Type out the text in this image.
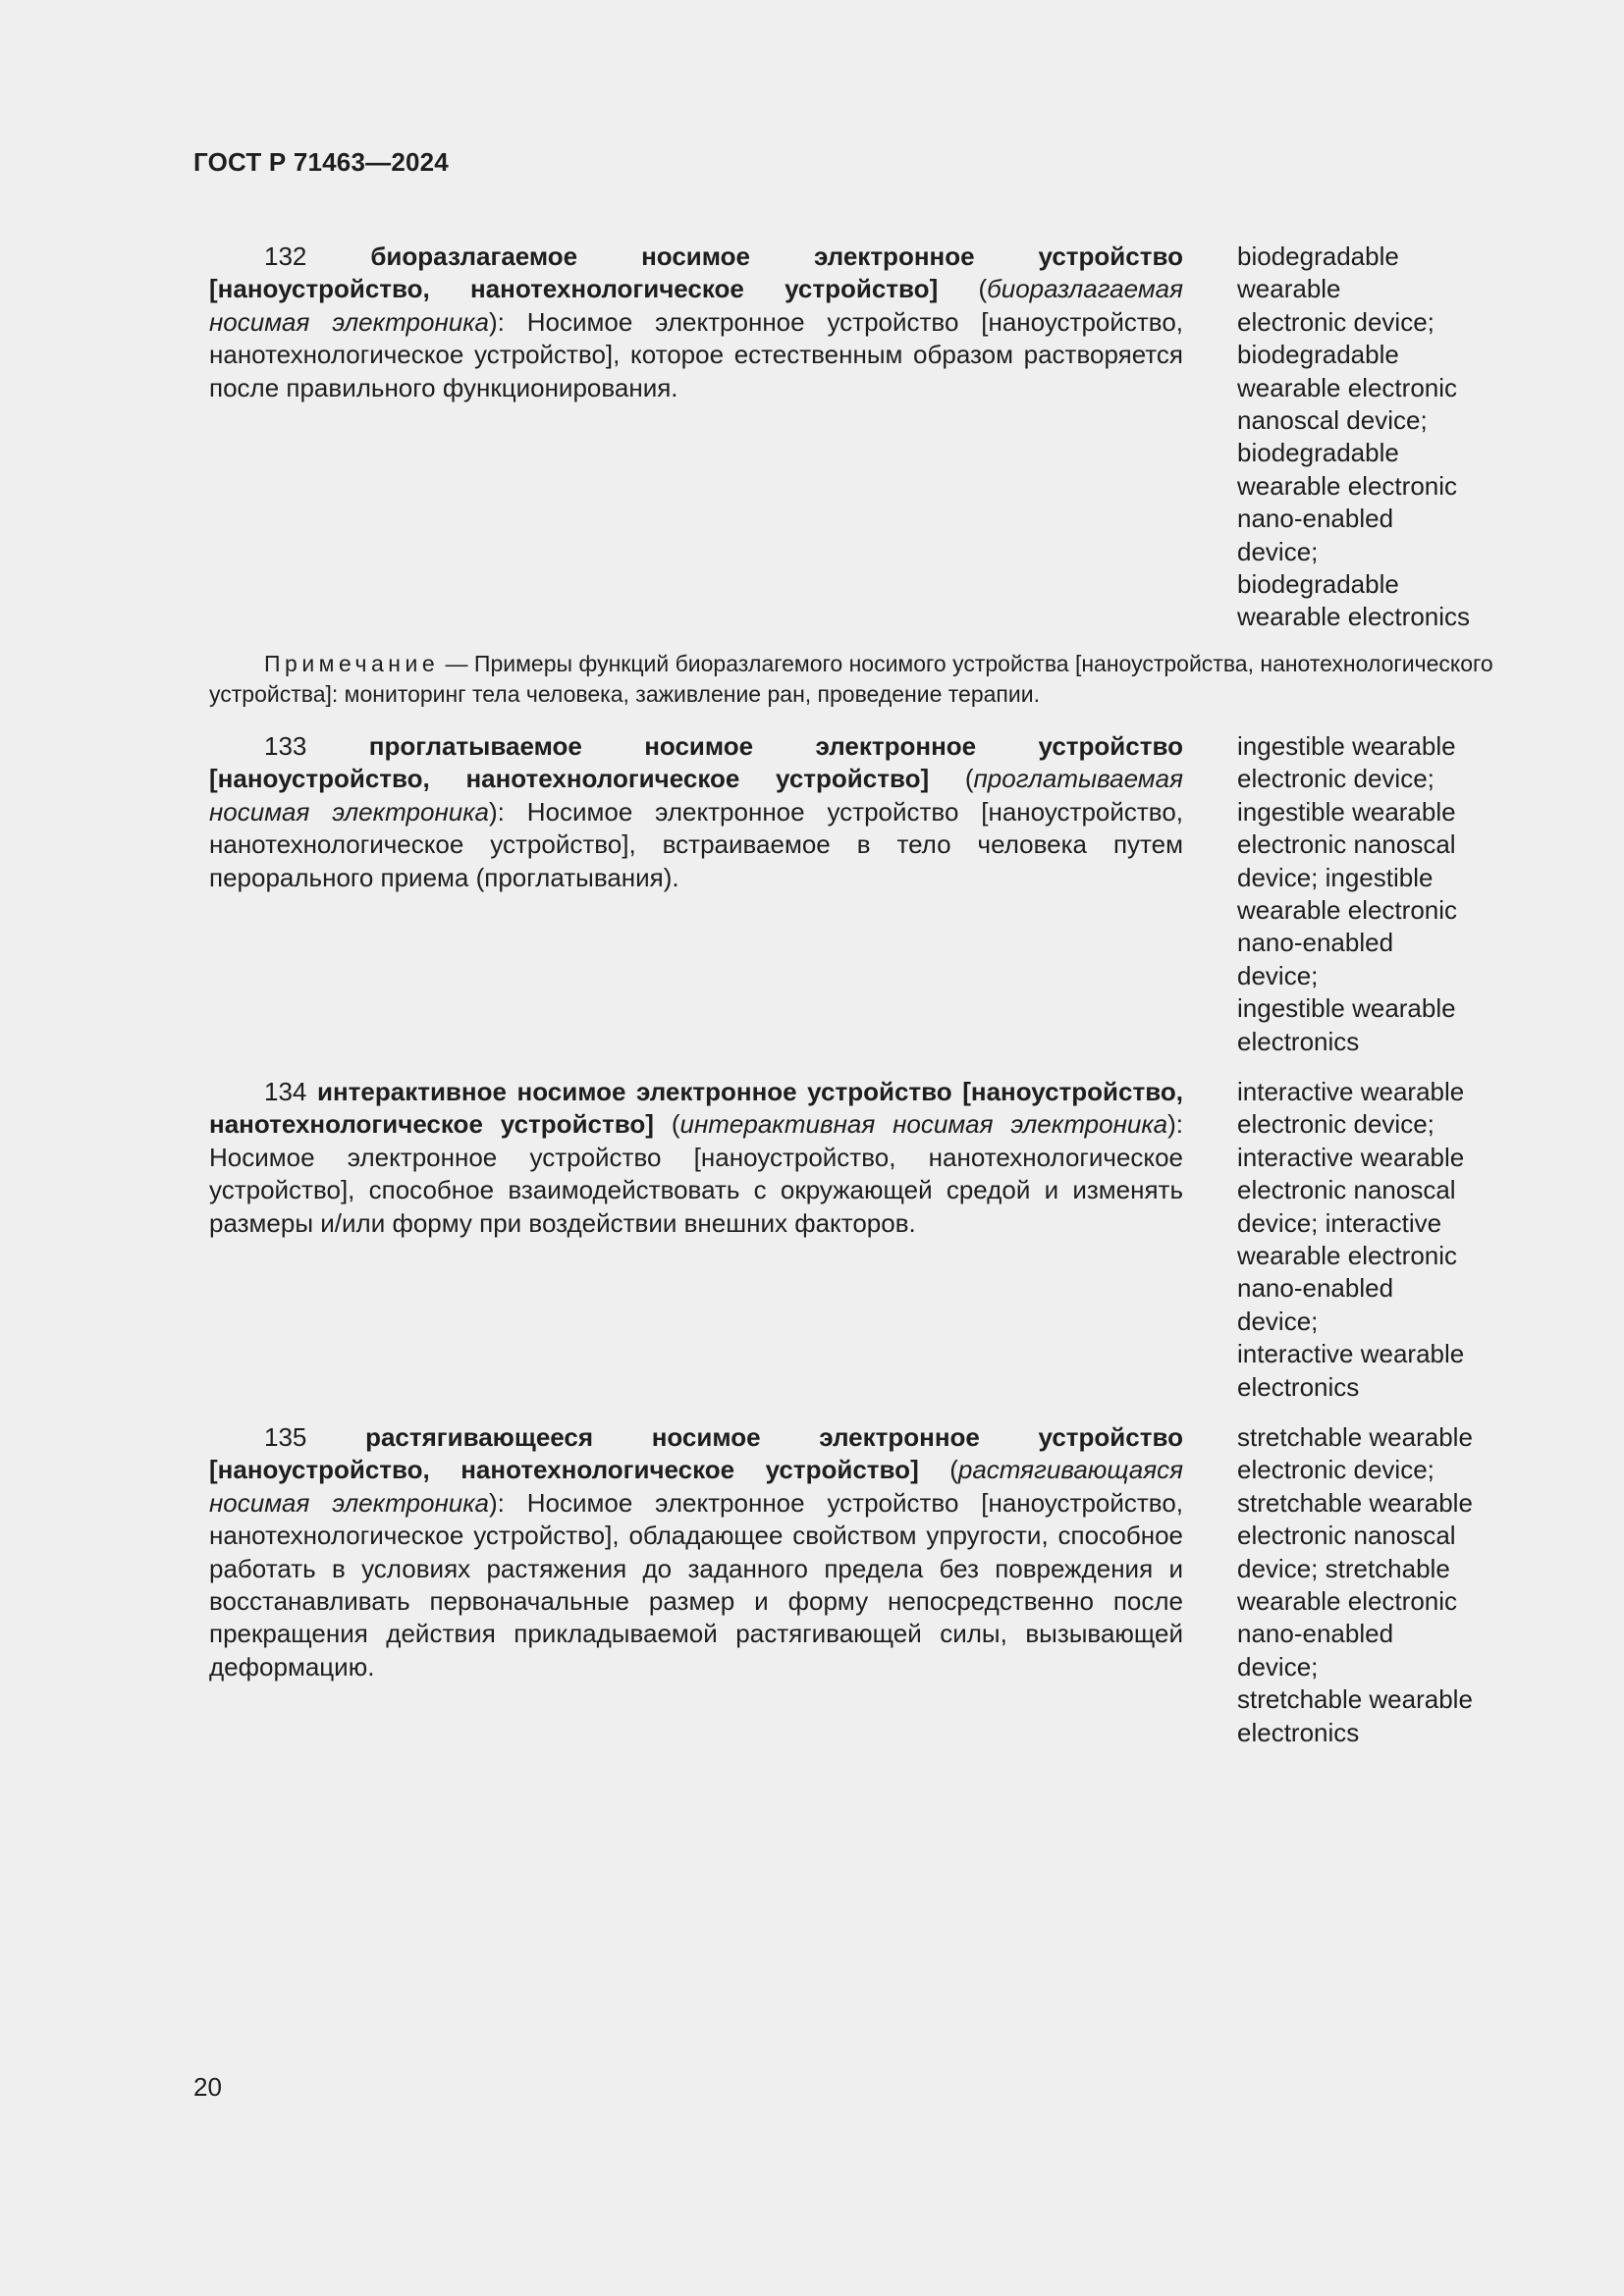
ГОСТ Р 71463—2024
132 биоразлагаемое носимое электронное устройство [наноустройство, нанотехнологическое устройство] (биоразлагаемая носимая электроника): Носимое электронное устройство [наноустройство, нанотехнологическое устройство], которое естественным образом растворяется после правильного функционирования.
biodegradable
wearable
electronic device;
biodegradable
wearable electronic
nanoscal device;
biodegradable
wearable electronic
nano-enabled
device;
biodegradable
wearable electronics
Примечание — Примеры функций биоразлагемого носимого устройства [наноустройства, нанотехнологического устройства]: мониторинг тела человека, заживление ран, проведение терапии.
133 проглатываемое носимое электронное устройство [наноустройство, нанотехнологическое устройство] (проглатываемая носимая электроника): Носимое электронное устройство [наноустройство, нанотехнологическое устройство], встраиваемое в тело человека путем перорального приема (проглатывания).
ingestible wearable
electronic device;
ingestible wearable
electronic nanoscal
device; ingestible
wearable electronic
nano-enabled
device;
ingestible wearable
electronics
134 интерактивное носимое электронное устройство [наноустройство, нанотехнологическое устройство] (интерактивная носимая электроника): Носимое электронное устройство [наноустройство, нанотехнологическое устройство], способное взаимодействовать с окружающей средой и изменять размеры и/или форму при воздействии внешних факторов.
interactive wearable
electronic device;
interactive wearable
electronic nanoscal
device; interactive
wearable electronic
nano-enabled
device;
interactive wearable
electronics
135 растягивающееся носимое электронное устройство [наноустройство, нанотехнологическое устройство] (растягивающаяся носимая электроника): Носимое электронное устройство [наноустройство, нанотехнологическое устройство], обладающее свойством упругости, способное работать в условиях растяжения до заданного предела без повреждения и восстанавливать первоначальные размер и форму непосредственно после прекращения действия прикладываемой растягивающей силы, вызывающей деформацию.
stretchable wearable
electronic device;
stretchable wearable
electronic nanoscal
device; stretchable
wearable electronic
nano-enabled
device;
stretchable wearable
electronics
20
